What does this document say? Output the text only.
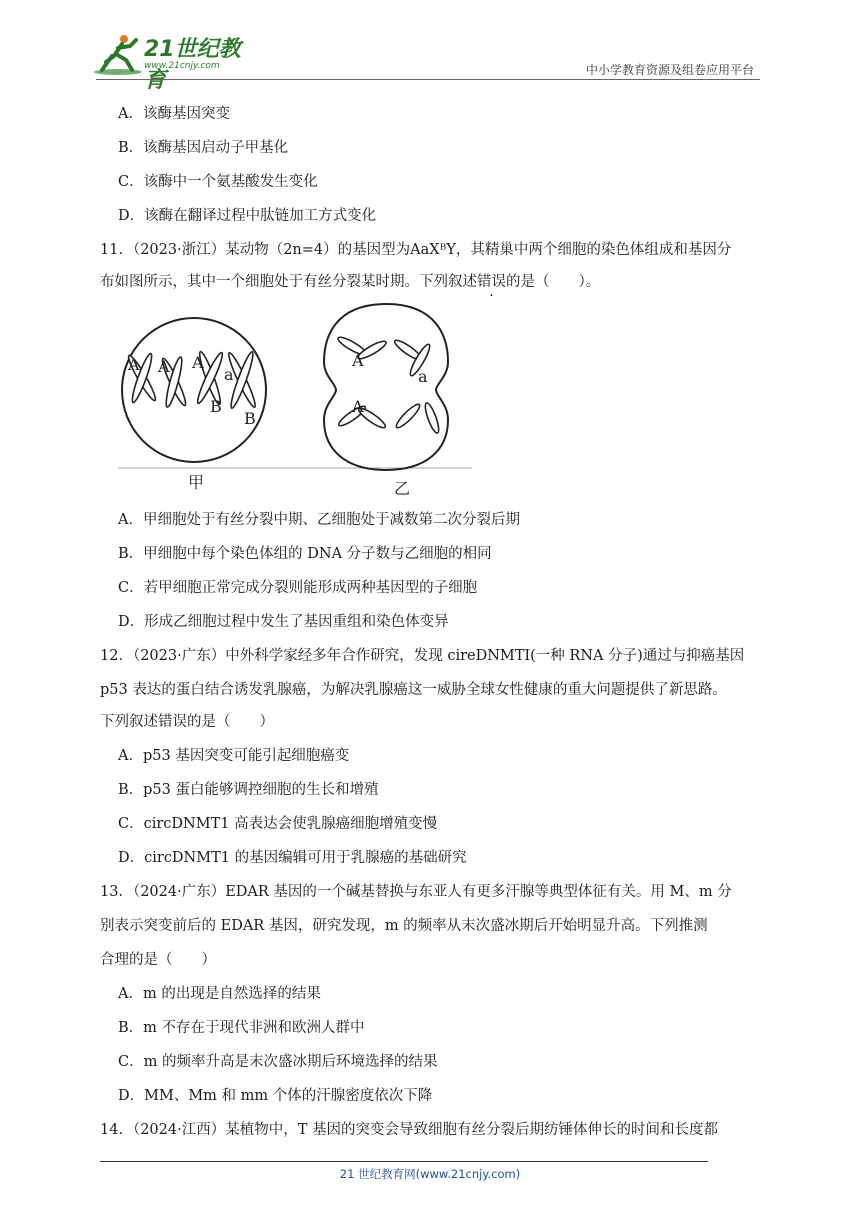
21世纪教育
www.21cnjy.com	中小学教育资源及组卷应用平台
A．该酶基因突变
B．该酶基因启动子甲基化
C．该酶中一个氨基酸发生变化
D．该酶在翻译过程中肽链加工方式变化
11．（2023·浙江）某动物（2n=4）的基因型为AaXᴮY，其精巢中两个细胞的染色体组成和基因分
布如图所示，其中一个细胞处于有丝分裂某时期。下列叙述错误的是（　　）。
A A A
a
B
B
甲
A
a
A
乙
A．甲细胞处于有丝分裂中期、乙细胞处于减数第二次分裂后期
B．甲细胞中每个染色体组的 DNA 分子数与乙细胞的相同
C．若甲细胞正常完成分裂则能形成两种基因型的子细胞
D．形成乙细胞过程中发生了基因重组和染色体变异
12．（2023·广东）中外科学家经多年合作研究，发现 cireDNMTI(一种 RNA 分子)通过与抑癌基因
p53 表达的蛋白结合诱发乳腺癌，为解决乳腺癌这一威胁全球女性健康的重大问题提供了新思路。
下列叙述错误的是（　　）
A．p53 基因突变可能引起细胞癌变
B．p53 蛋白能够调控细胞的生长和增殖
C．circDNMT1 高表达会使乳腺癌细胞增殖变慢
D．circDNMT1 的基因编辑可用于乳腺癌的基础研究
13．（2024·广东）EDAR 基因的一个碱基替换与东亚人有更多汗腺等典型体征有关。用 M、m 分
别表示突变前后的 EDAR 基因，研究发现，m 的频率从末次盛冰期后开始明显升高。下列推测
合理的是（　　）
A．m 的出现是自然选择的结果
B．m 不存在于现代非洲和欧洲人群中
C．m 的频率升高是末次盛冰期后环境选择的结果
D．MM、Mm 和 mm 个体的汗腺密度依次下降
14．（2024·江西）某植物中，T 基因的突变会导致细胞有丝分裂后期纺锤体伸长的时间和长度都
21 世纪教育网(www.21cnjy.com)
